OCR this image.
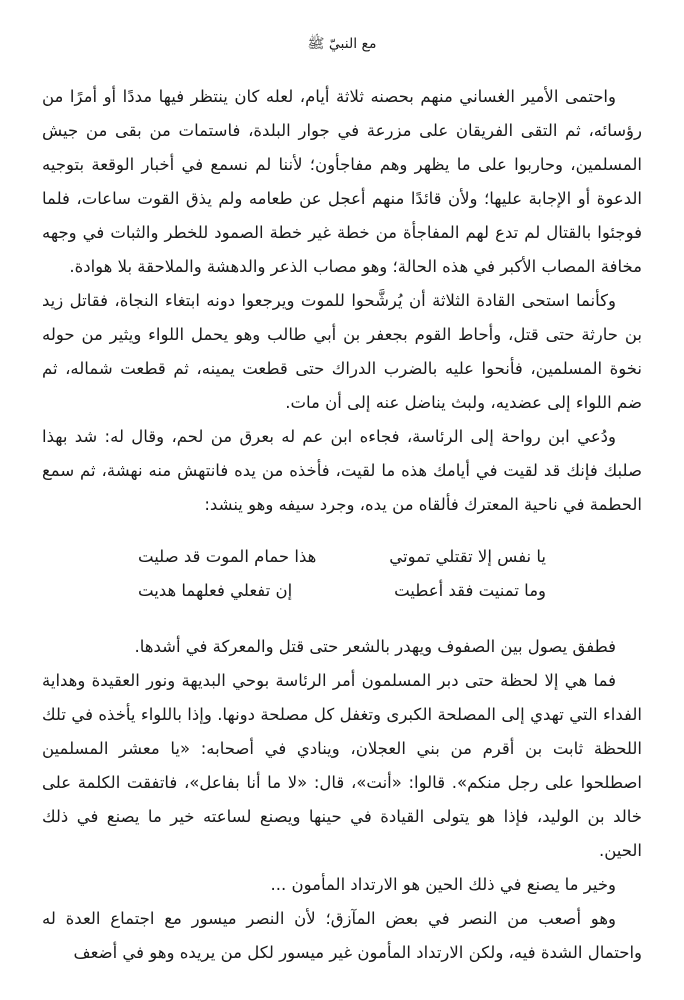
مع النبيّ ﷺ

واحتمى الأمير الغساني منهم بحصنه ثلاثة أيام، لعله كان ينتظر فيها مددًا أو أمرًا من رؤسائه، ثم التقى الفريقان على مزرعة في جوار البلدة، فاستمات من بقى من جيش المسلمين، وحاربوا على ما يظهر وهم مفاجأون؛ لأننا لم نسمع في أخبار الوقعة بتوجيه الدعوة أو الإجابة عليها؛ ولأن قائدًا منهم أعجل عن طعامه ولم يذق القوت ساعات، فلما فوجئوا بالقتال لم تدع لهم المفاجأة من خطة غير خطة الصمود للخطر والثبات في وجهه مخافة المصاب الأكبر في هذه الحالة؛ وهو مصاب الذعر والدهشة والملاحقة بلا هوادة.

وكأنما استحى القادة الثلاثة أن يُرشَّحوا للموت ويرجعوا دونه ابتغاء النجاة، فقاتل زيد بن حارثة حتى قتل، وأحاط القوم بجعفر بن أبي طالب وهو يحمل اللواء ويثير من حوله نخوة المسلمين، فأنحوا عليه بالضرب الدراك حتى قطعت يمينه، ثم قطعت شماله، ثم ضم اللواء إلى عضديه، ولبث يناضل عنه إلى أن مات.

ودُعي ابن رواحة إلى الرئاسة، فجاءه ابن عم له بعرق من لحم، وقال له: شد بهذا صلبك فإنك قد لقيت في أيامك هذه ما لقيت، فأخذه من يده فانتهش منه نهشة، ثم سمع الحطمة في ناحية المعترك فألقاه من يده، وجرد سيفه وهو ينشد:

يا نفس إلا تقتلي تموتي
هذا حمام الموت قد صليت
وما تمنيت فقد أعطيت
إن تفعلي فعلهما هديت

فطفق يصول بين الصفوف ويهدر بالشعر حتى قتل والمعركة في أشدها.

فما هي إلا لحظة حتى دبر المسلمون أمر الرئاسة بوحي البديهة ونور العقيدة وهداية الفداء التي تهدي إلى المصلحة الكبرى وتغفل كل مصلحة دونها. وإذا باللواء يأخذه في تلك اللحظة ثابت بن أقرم من بني العجلان، وينادي في أصحابه: «يا معشر المسلمين اصطلحوا على رجل منكم». قالوا: «أنت»، قال: «لا ما أنا بفاعل»، فاتفقت الكلمة على خالد بن الوليد، فإذا هو يتولى القيادة في حينها ويصنع لساعته خير ما يصنع في ذلك الحين.

وخير ما يصنع في ذلك الحين هو الارتداد المأمون ...

وهو أصعب من النصر في بعض المآزق؛ لأن النصر ميسور مع اجتماع العدة له واحتمال الشدة فيه، ولكن الارتداد المأمون غير ميسور لكل من يريده وهو في أضعف
